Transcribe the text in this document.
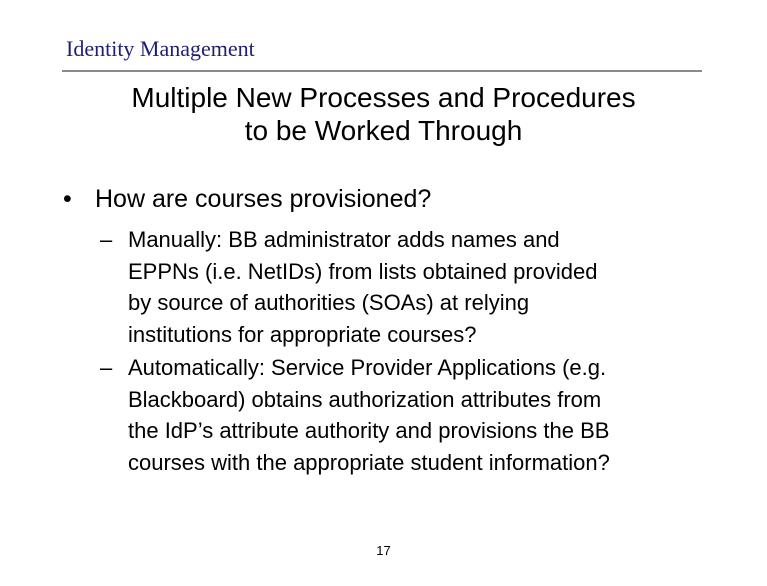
Identity Management
Multiple New Processes and Procedures
to be Worked Through
• How are courses provisioned?
– Manually: BB administrator adds names and
EPPNs (i.e. NetIDs) from lists obtained provided
by source of authorities (SOAs) at relying
institutions for appropriate courses?
– Automatically: Service Provider Applications (e.g.
Blackboard) obtains authorization attributes from
the IdP’s attribute authority and provisions the BB
courses with the appropriate student information?
17
